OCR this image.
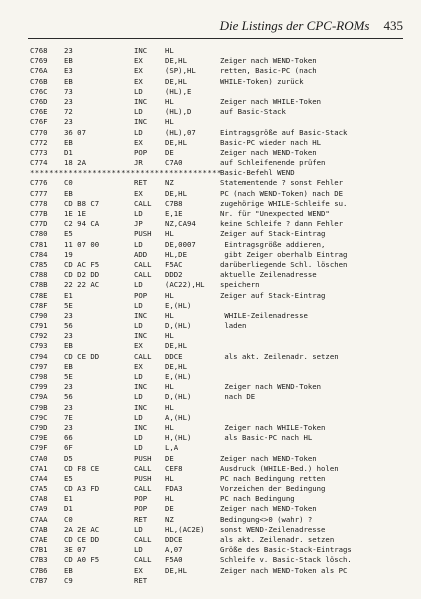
Die Listings der CPC-ROMs 435
C768 23	INC HL
C769 EB	EX	DE,HL	Zeiger nach WEND-Token
C76A E3	EX	(SP),HL	retten, Basic-PC (nach
C76B EB	EX	DE,HL	WHILE-Token) zurück
C76C 73	LD	(HL),E
C76D 23	INC HL	Zeiger nach WHILE-Token
C76E 72	LD	(HL),D	auf Basic-Stack
C76F 23	INC HL
C770 36 07	LD	(HL),07	Eintragsgröße auf Basic-Stack
C772 EB	EX	DE,HL	Basic-PC wieder nach HL
C773 D1	POP DE	Zeiger nach WEND-Token
C774 18 2A	JR	C7A0	auf Schleifenende prüfen
****************************************
Basic-Befehl WEND
C776 C0	RET NZ	Statementende ? sonst Fehler
C777 EB	EX	DE,HL	PC (nach WEND-Token) nach DE
C778 CD B8 C7	CALL C7B8	zugehörige WHILE-Schleife su.
C77B 1E 1E	LD	E,1E	Nr. für "Unexpected WEND"
C77D C2 94 CA	JP	NZ,CA94	keine Schleife ? dann Fehler
C780 E5	PUSH HL	Zeiger auf Stack-Eintrag
C781 11 07 00	LD	DE,0007	Eintragsgröße addieren,
C784 19	ADD HL,DE	gibt Zeiger oberhalb Eintrag
C785 CD AC F5	CALL F5AC	darüberliegende Schl. löschen
C788 CD D2 DD	CALL DDD2	aktuelle Zeilenadresse
C78B 22 22 AC	LD	(AC22),HL speichern
C78E E1	POP HL	Zeiger auf Stack-Eintrag
C78F 5E	LD	E,(HL)
C790 23	INC HL	WHILE-Zeilenadresse
C791 56	LD	D,(HL)	laden
C792 23	INC HL
C793 EB	EX	DE,HL
C794 CD CE DD	CALL DDCE	als akt. Zeilenadr. setzen
C797 EB	EX	DE,HL
C798 5E	LD	E,(HL)
C799 23	INC HL	Zeiger nach WEND-Token
C79A 56	LD	D,(HL)	nach DE
C79B 23	INC HL
C79C 7E	LD	A,(HL)
C79D 23	INC HL	Zeiger nach WHILE-Token
C79E 66	LD	H,(HL)	als Basic-PC nach HL
C79F 6F	LD	L,A
C7A0 D5	PUSH DE	Zeiger nach WEND-Token
C7A1 CD F8 CE	CALL CEF8	Ausdruck (WHILE-Bed.) holen
C7A4 E5	PUSH HL	PC nach Bedingung retten
C7A5 CD A3 FD	CALL FDA3	Vorzeichen der Bedingung
C7A8 E1	POP HL	PC nach Bedingung
C7A9 D1	POP DE	Zeiger nach WEND-Token
C7AA C0	RET NZ	Bedingung<>0 (wahr) ?
C7AB 2A 2E AC	LD	HL,(AC2E) sonst WEND-Zeilenadresse
C7AE CD CE DD	CALL DDCE	als akt. Zeilenadr. setzen
C7B1 3E 07	LD	A,07	Größe des Basic-Stack-Eintrags
C7B3 CD A0 F5	CALL F5A0	Schleife v. Basic-Stack lösch.
C7B6 EB	EX	DE,HL	Zeiger nach WEND-Token als PC
C7B7 C9	RET
